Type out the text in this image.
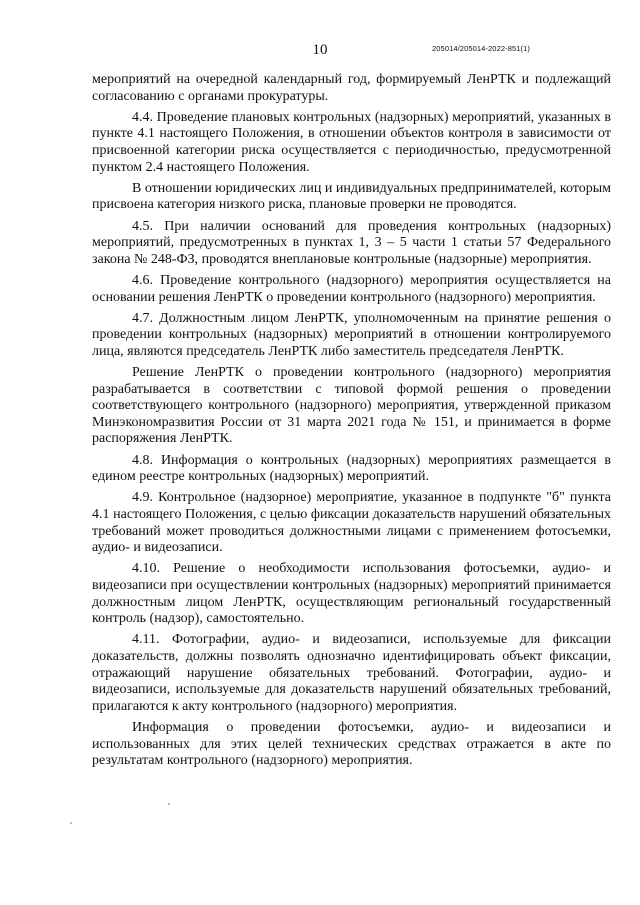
10	205014/205014-2022-851(1)

мероприятий на очередной календарный год, формируемый ЛенРТК и подлежащий согласованию с органами прокуратуры.

4.4. Проведение плановых контрольных (надзорных) мероприятий, указанных в пункте 4.1 настоящего Положения, в отношении объектов контроля в зависимости от присвоенной категории риска осуществляется с периодичностью, предусмотренной пунктом 2.4 настоящего Положения.

В отношении юридических лиц и индивидуальных предпринимателей, которым присвоена категория низкого риска, плановые проверки не проводятся.

4.5. При наличии оснований для проведения контрольных (надзорных) мероприятий, предусмотренных в пунктах 1, 3 – 5 части 1 статьи 57 Федерального закона № 248-ФЗ, проводятся внеплановые контрольные (надзорные) мероприятия.

4.6. Проведение контрольного (надзорного) мероприятия осуществляется на основании решения ЛенРТК о проведении контрольного (надзорного) мероприятия.

4.7. Должностным лицом ЛенРТК, уполномоченным на принятие решения о проведении контрольных (надзорных) мероприятий в отношении контролируемого лица, являются председатель ЛенРТК либо заместитель председателя ЛенРТК.

Решение ЛенРТК о проведении контрольного (надзорного) мероприятия разрабатывается в соответствии с типовой формой решения о проведении соответствующего контрольного (надзорного) мероприятия, утвержденной приказом Минэкономразвития России от 31 марта 2021 года № 151, и принимается в форме распоряжения ЛенРТК.

4.8. Информация о контрольных (надзорных) мероприятиях размещается в едином реестре контрольных (надзорных) мероприятий.

4.9. Контрольное (надзорное) мероприятие, указанное в подпункте "б" пункта 4.1 настоящего Положения, с целью фиксации доказательств нарушений обязательных требований может проводиться должностными лицами с применением фотосъемки, аудио- и видеозаписи.

4.10. Решение о необходимости использования фотосъемки, аудио- и видеозаписи при осуществлении контрольных (надзорных) мероприятий принимается должностным лицом ЛенРТК, осуществляющим региональный государственный контроль (надзор), самостоятельно.

4.11. Фотографии, аудио- и видеозаписи, используемые для фиксации доказательств, должны позволять однозначно идентифицировать объект фиксации, отражающий нарушение обязательных требований. Фотографии, аудио- и видеозаписи, используемые для доказательств нарушений обязательных требований, прилагаются к акту контрольного (надзорного) мероприятия.

Информация о проведении фотосъемки, аудио- и видеозаписи и использованных для этих целей технических средствах отражается в акте по результатам контрольного (надзорного) мероприятия.
